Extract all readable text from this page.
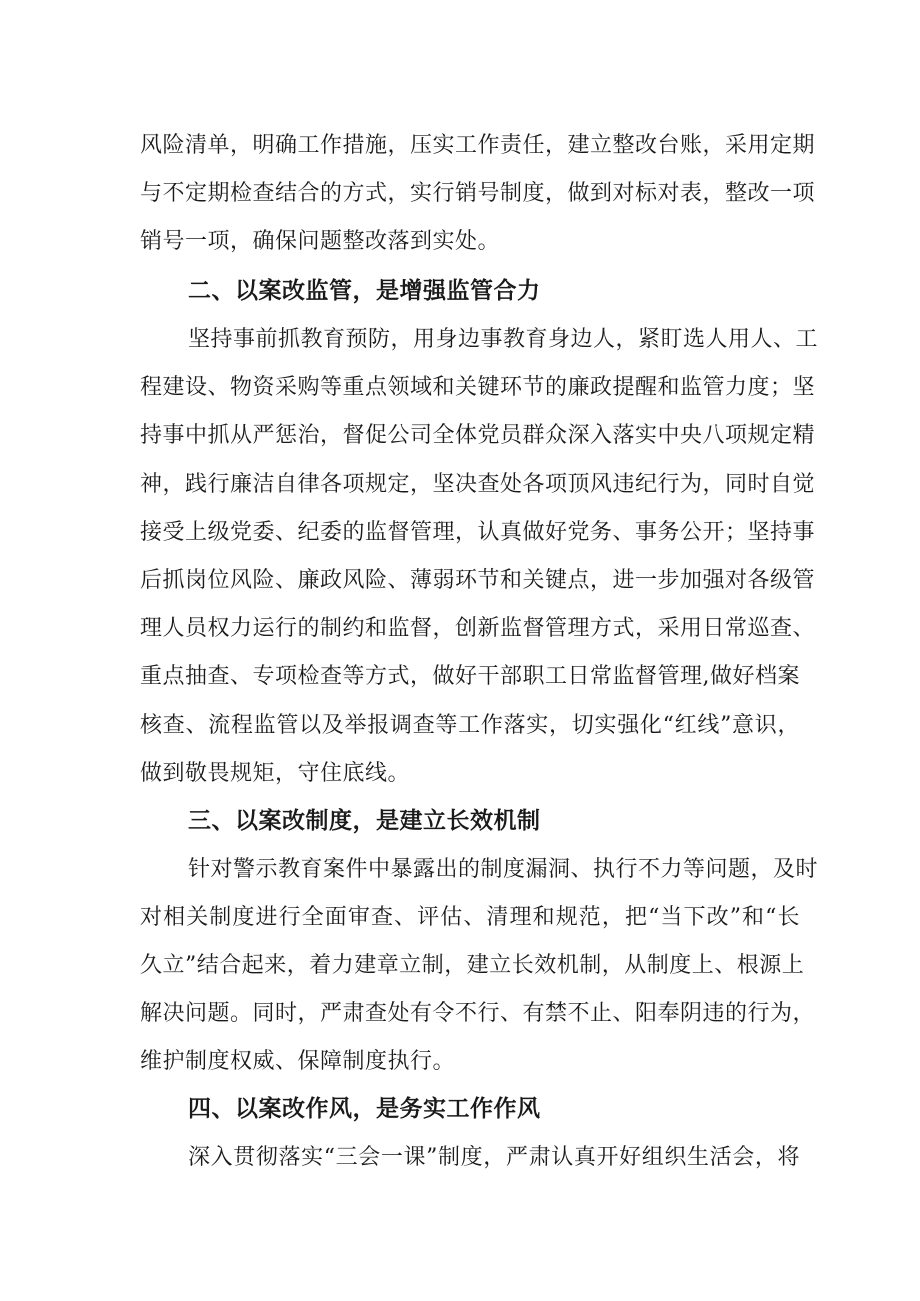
风险清单，明确工作措施，压实工作责任，建立整改台账，采用定期
与不定期检查结合的方式，实行销号制度，做到对标对表，整改一项
销号一项，确保问题整改落到实处。
二、以案改监管，是增强监管合力
坚持事前抓教育预防，用身边事教育身边人，紧盯选人用人、工
程建设、物资采购等重点领域和关键环节的廉政提醒和监管力度；坚
持事中抓从严惩治，督促公司全体党员群众深入落实中央八项规定精
神，践行廉洁自律各项规定，坚决查处各项顶风违纪行为，同时自觉
接受上级党委、纪委的监督管理，认真做好党务、事务公开；坚持事
后抓岗位风险、廉政风险、薄弱环节和关键点，进一步加强对各级管
理人员权力运行的制约和监督，创新监督管理方式，采用日常巡查、
重点抽查、专项检查等方式，做好干部职工日常监督管理,做好档案
核查、流程监管以及举报调查等工作落实，切实强化“红线”意识，
做到敬畏规矩，守住底线。
三、以案改制度，是建立长效机制
针对警示教育案件中暴露出的制度漏洞、执行不力等问题，及时
对相关制度进行全面审查、评估、清理和规范，把“当下改”和“长
久立”结合起来，着力建章立制，建立长效机制，从制度上、根源上
解决问题。同时，严肃查处有令不行、有禁不止、阳奉阴违的行为，
维护制度权威、保障制度执行。
四、以案改作风，是务实工作作风
深入贯彻落实“三会一课”制度，严肃认真开好组织生活会，将
